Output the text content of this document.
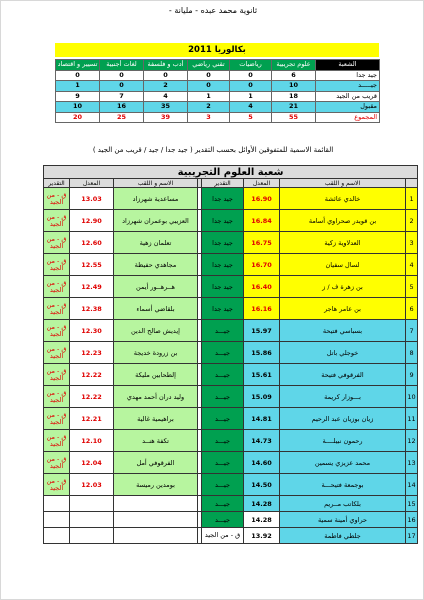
ثانوية محمد عبده - مليانة -
بكالوريا 2011
الشعبة	علوم تجريبية	رياضيات	تقني رياضي	أدب و فلسفة	لغات أجنبية	تسيير و اقتصاد
جيد جدا	6	0	0	0	0	0
جيـــــد	10	0	0	2	0	1
قريب من الجيد	18	1	1	4	7	9
مقبول	21	4	2	35	16	10
المجموع	55	5	3	39	25	20
القائمة الاسمية للمتفوقين الأوائل بحسب التقدير ( جيد جدا / جيد / قريب من الجيد )
شعبة العلوم التجريبية							
التقدير	المعدل	الاسم و اللقب		التقدير	المعدل	الاسم و اللقب	
ق - من الجيد	13.03	مساعدية شهرزاد		جيد جدا	16.90	خالدي عائشة	1
ق - من الجيد	12.90	العزيبي بوعمران شهرزاد		جيد جدا	16.84	بن قويدر صحراوي أسامة	2
ق - من الجيد	12.60	تعلمان زهية		جيد جدا	16.75	العدلاوية زكية	3
ق - من الجيد	12.55	مجاهدي حفيظة		جيد جدا	16.70	لسال سفيان	4
ق - من الجيد	12.49	هــرهــور أيمن		جيد جدا	16.40	بن زهرة ف / ز	5
ق - من الجيد	12.38	بلقاضي أسماء		جيد جدا	16.16	بن عامر هاجر	6
ق - من الجيد	12.30	إيديش صالح الدين		جيـــد	15.97	بسباسي فتيحة	7
ق - من الجيد	12.23	بن زرودة خديجة		جيـــد	15.86	خوجلي باتل	8
ق - من الجيد	12.22	إلطحابين مليكة		جيـــد	15.61	الفرقوفي فتيحة	9
ق - من الجيد	12.22	وليد دران أحمد مهدي		جيـــد	15.09	بـــوزار كريمة	10
ق - من الجيد	12.21	براهيمية غالية		جيـــد	14.81	زيان بوزيان عبد الرحيم	11
ق - من الجيد	12.10	تكفة هنــد		جيـــد	14.73	رحمون نبيلــــة	12
ق - من الجيد	12.04	الفرقوفي أمل		جيـــد	14.60	محمد عزيزي يسمين	13
ق - من الجيد	12.03	بومدين رميسة		جيـــد	14.50	بوجمعة فتيحـــة	14
				جيـــد	14.28	بلكاتب مــريم	15
				جيـــد	14.28	حراوي أمينة سمية	16
				ق - من الجيد	13.92	جلطي فاطمة	17
